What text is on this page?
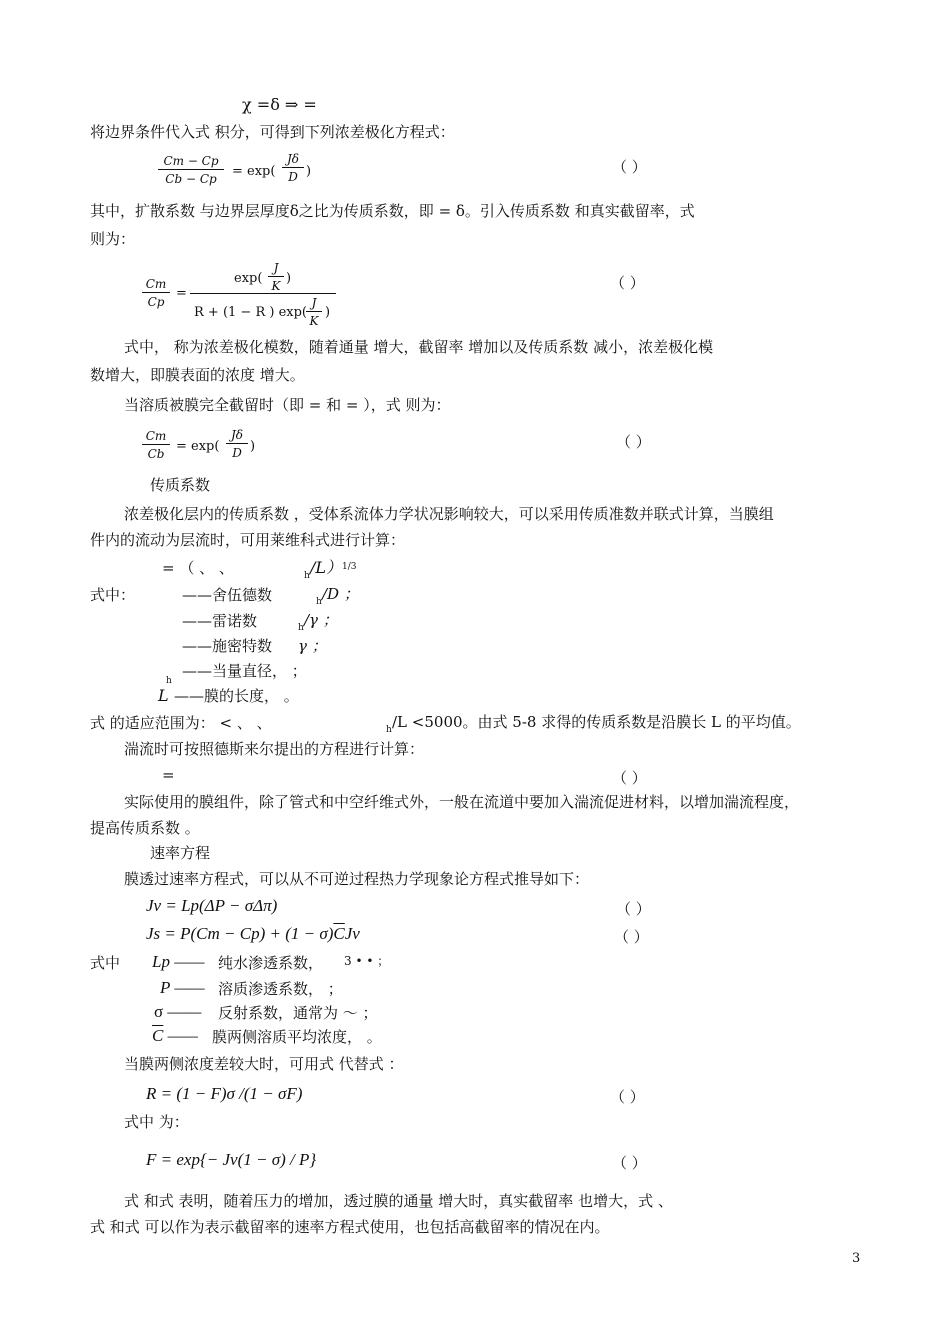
χ =δ ⇒ =
将边界条件代入式 积分，可得到下列浓差极化方程式：
$\frac{Cm - Cp}{Cb - Cp} = \exp( \frac{J\delta}{D}$ )	（ ）
其中，扩散系数 与边界层厚度δ之比为传质系数，即 = δ。引入传质系数 和真实截留率，式
则为：
$\frac{Cm}{Cp}$ =
$\exp( \frac{J}{K}$ )
R + (1 − R ) $\exp( \frac{J}{K}$ )
（ ）
式中， 称为浓差极化模数，随着通量 增大，截留率 增加以及传质系数 减小，浓差极化模
数增大，即膜表面的浓度 增大。
当溶质被膜完全截留时（即 = 和 = ），式 则为：
$\frac{Cm}{Cb} = \exp( \frac{J\delta}{D}$ )	（ ）
传质系数
浓差极化层内的传质系数 ，受体系流体力学状况影响较大，可以采用传质准数并联式计算，当膜组
件内的流动为层流时，可用莱维科式进行计算：
= （ 、 、	h /L） 1/3
式中：	——舍伍德数	h /D ；
——雷诺数	h /γ ；
——施密特数 γ ；
——当量直径， ；
h
L ——膜的长度， 。
式 的适应范围为： < 、 、	h /L <5000。由式 5-8 求得的传质系数是沿膜长 L 的平均值。
湍流时可按照德斯来尔提出的方程进行计算：
=	（ ）
实际使用的膜组件，除了管式和中空纤维式外，一般在流道中要加入湍流促进材料，以增加湍流程度，
提高传质系数 。
速率方程
膜透过速率方程式，可以从不可逆过程热力学现象论方程式推导如下：
Jv = Lp(ΔP − σΔπ)	（ ）
$Js = P(Cm - Cp) + (1 - \sigma)\overline{C}Jv$	（ ）
式中 Lp —— 纯水渗透系数， 3 • • ；
P —— 溶质渗透系数， ；
σ —— 反射系数，通常为 ～ ；
$\overline{C}$ —— 膜两侧溶质平均浓度， 。
当膜两侧浓度差较大时，可用式 代替式 ：
R = (1 − F)σ /(1 − σF)	（ ）
式中 为：
F = exp{− Jv(1 − σ) / P}	（ ）
式 和式 表明，随着压力的增加，透过膜的通量 增大时，真实截留率 也增大，式 、
式 和式 可以作为表示截留率的速率方程式使用，也包括高截留率的情况在内。
3
